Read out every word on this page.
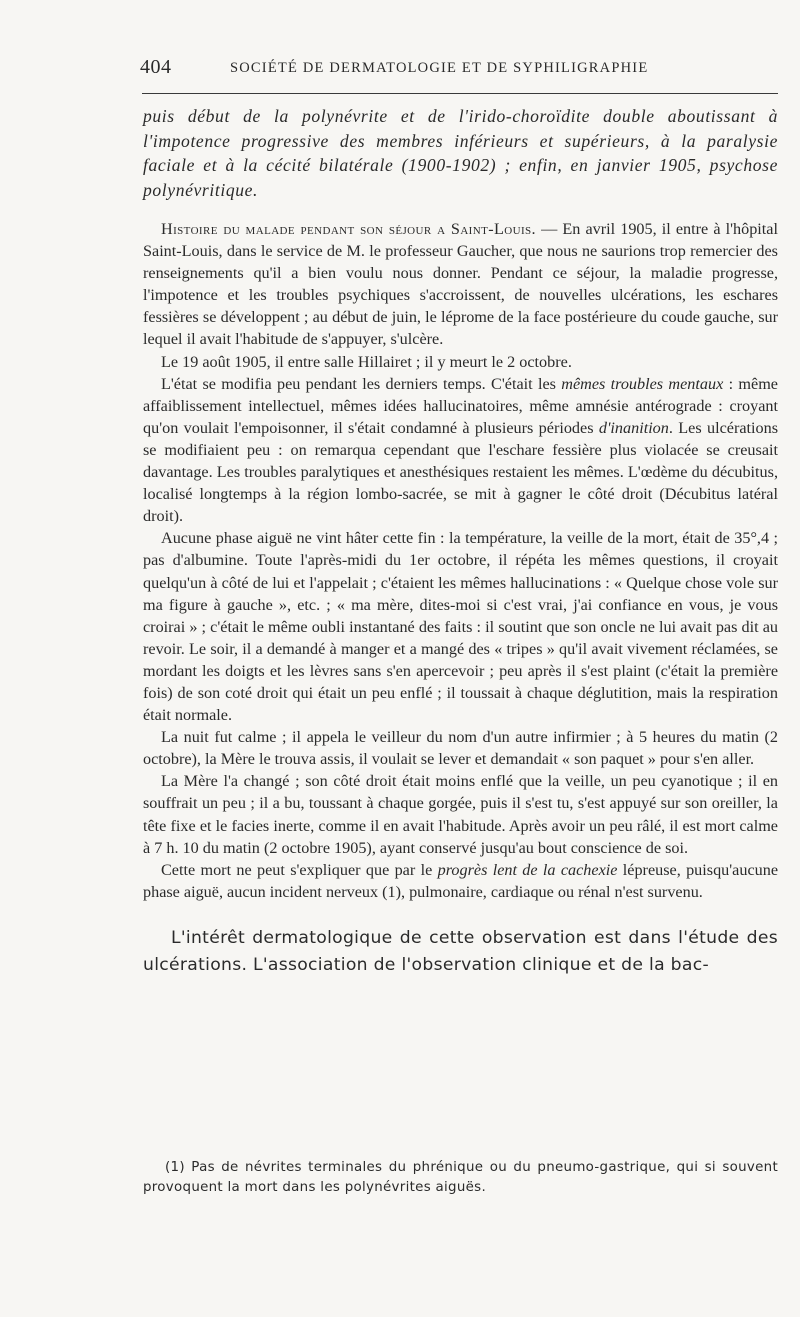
404	SOCIÉTÉ DE DERMATOLOGIE ET DE SYPHILIGRAPHIE

puis début de la polynévrite et de l'irido-choroïdite double aboutissant à l'impotence progressive des membres inférieurs et supérieurs, à la paralysie faciale et à la cécité bilatérale (1900-1902) ; enfin, en janvier 1905, psychose polynévritique.

Histoire du malade pendant son séjour a Saint-Louis. — En avril 1905, il entre à l'hôpital Saint-Louis, dans le service de M. le professeur Gaucher, que nous ne saurions trop remercier des renseignements qu'il a bien voulu nous donner. Pendant ce séjour, la maladie progresse, l'impotence et les troubles psychiques s'accroissent, de nouvelles ulcérations, les eschares fessières se développent ; au début de juin, le léprome de la face postérieure du coude gauche, sur lequel il avait l'habitude de s'appuyer, s'ulcère.

Le 19 août 1905, il entre salle Hillairet ; il y meurt le 2 octobre.

L'état se modifia peu pendant les derniers temps. C'était les mêmes troubles mentaux : même affaiblissement intellectuel, mêmes idées hallucinatoires, même amnésie antérograde : croyant qu'on voulait l'empoisonner, il s'était condamné à plusieurs périodes d'inanition. Les ulcérations se modifiaient peu : on remarqua cependant que l'eschare fessière plus violacée se creusait davantage. Les troubles paralytiques et anesthésiques restaient les mêmes. L'œdème du décubitus, localisé longtemps à la région lombo-sacrée, se mit à gagner le côté droit (Décubitus latéral droit).

Aucune phase aiguë ne vint hâter cette fin : la température, la veille de la mort, était de 35°,4 ; pas d'albumine. Toute l'après-midi du 1er octobre, il répéta les mêmes questions, il croyait quelqu'un à côté de lui et l'appelait ; c'étaient les mêmes hallucinations : « Quelque chose vole sur ma figure à gauche », etc. ; « ma mère, dites-moi si c'est vrai, j'ai confiance en vous, je vous croirai » ; c'était le même oubli instantané des faits : il soutint que son oncle ne lui avait pas dit au revoir. Le soir, il a demandé à manger et a mangé des « tripes » qu'il avait vivement réclamées, se mordant les doigts et les lèvres sans s'en apercevoir ; peu après il s'est plaint (c'était la première fois) de son coté droit qui était un peu enflé ; il toussait à chaque déglutition, mais la respiration était normale.

La nuit fut calme ; il appela le veilleur du nom d'un autre infirmier ; à 5 heures du matin (2 octobre), la Mère le trouva assis, il voulait se lever et demandait « son paquet » pour s'en aller.

La Mère l'a changé ; son côté droit était moins enflé que la veille, un peu cyanotique ; il en souffrait un peu ; il a bu, toussant à chaque gorgée, puis il s'est tu, s'est appuyé sur son oreiller, la tête fixe et le facies inerte, comme il en avait l'habitude. Après avoir un peu râlé, il est mort calme à 7 h. 10 du matin (2 octobre 1905), ayant conservé jusqu'au bout conscience de soi.

Cette mort ne peut s'expliquer que par le progrès lent de la cachexie lépreuse, puisqu'aucune phase aiguë, aucun incident nerveux (1), pulmonaire, cardiaque ou rénal n'est survenu.

L'intérêt dermatologique de cette observation est dans l'étude des ulcérations. L'association de l'observation clinique et de la bac-

(1) Pas de névrites terminales du phrénique ou du pneumo-gastrique, qui si souvent provoquent la mort dans les polynévrites aiguës.
